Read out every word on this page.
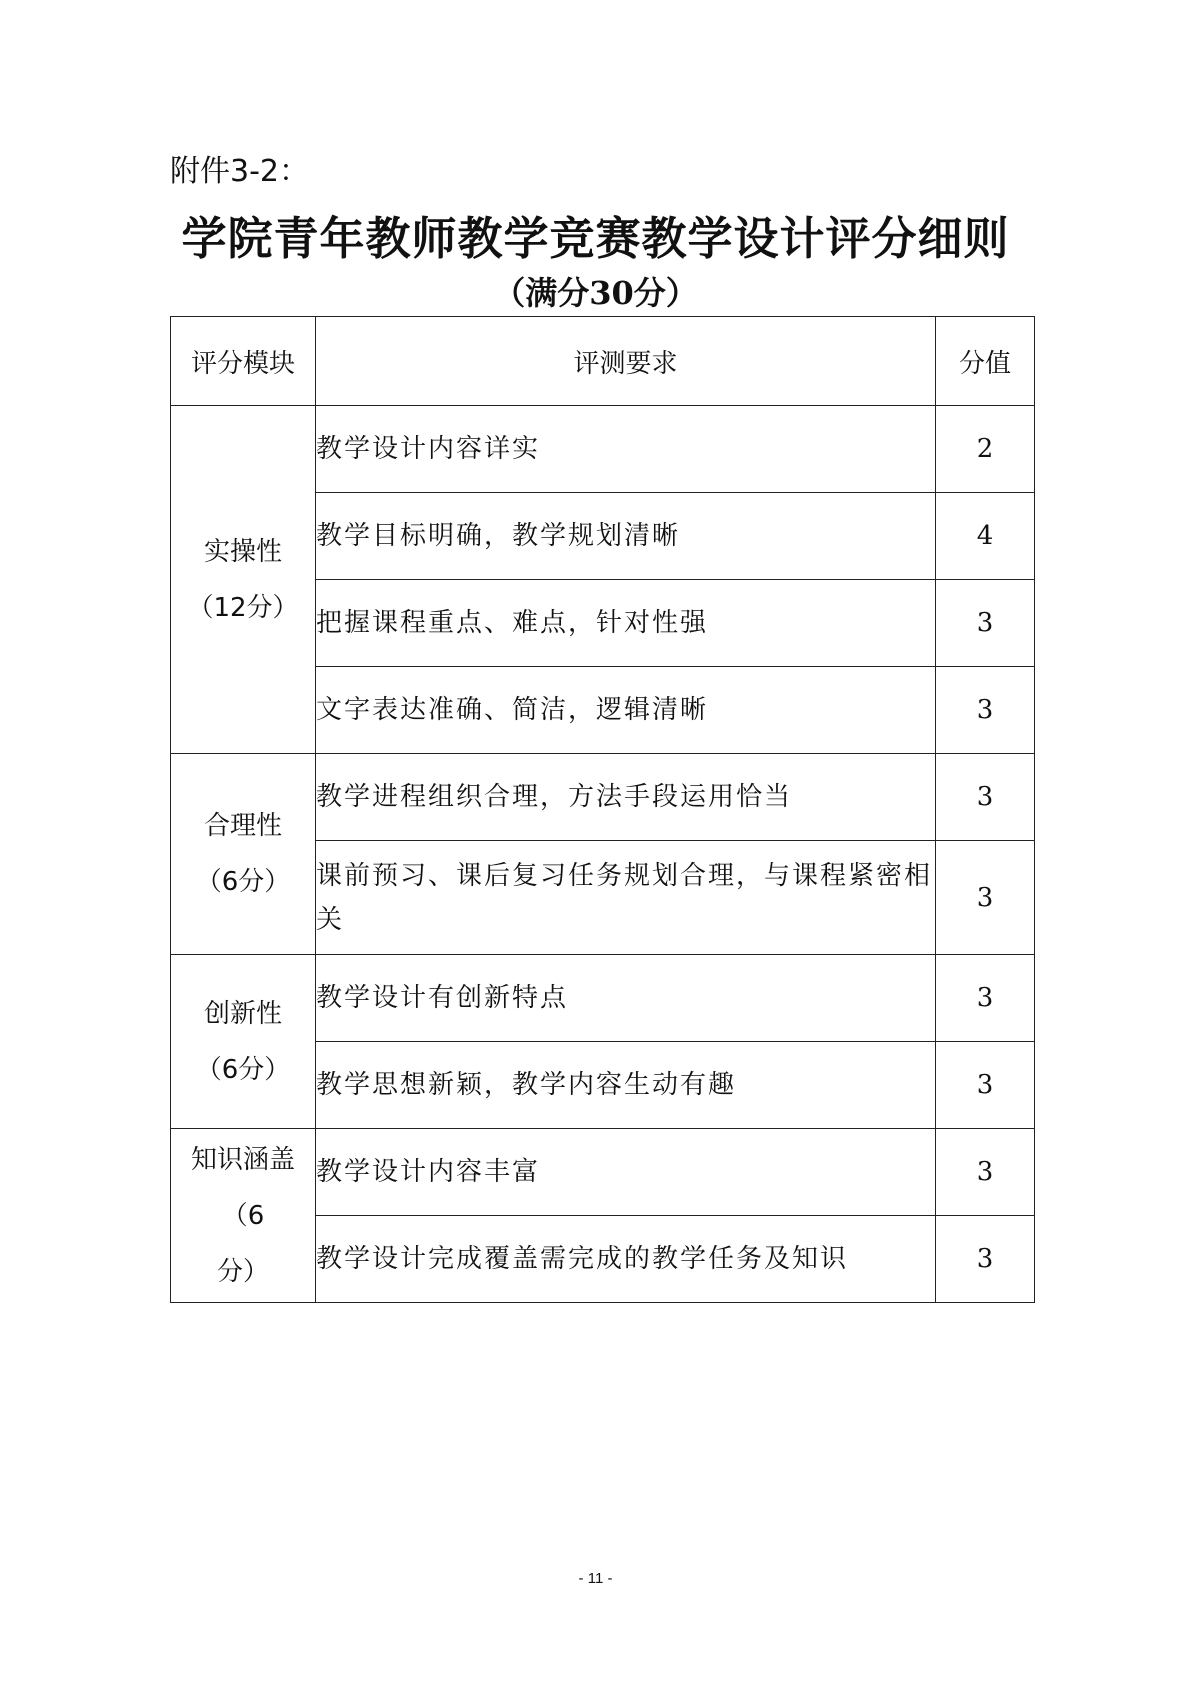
附件3-2：
学院青年教师教学竞赛教学设计评分细则
（满分30分）
评分模块	评测要求	分值

实操性
（12分）	教学设计内容详实	2
	教学目标明确，教学规划清晰	4
	把握课程重点、难点，针对性强	3
	文字表达准确、简洁，逻辑清晰	3

合理性
（6分）	教学进程组织合理，方法手段运用恰当	3
	课前预习、课后复习任务规划合理，与课程紧密相关	3

创新性
（6分）	教学设计有创新特点	3
	教学思想新颖，教学内容生动有趣	3

知识涵盖（6
分）	教学设计内容丰富	3
	教学设计完成覆盖需完成的教学任务及知识	3
- 11 -
